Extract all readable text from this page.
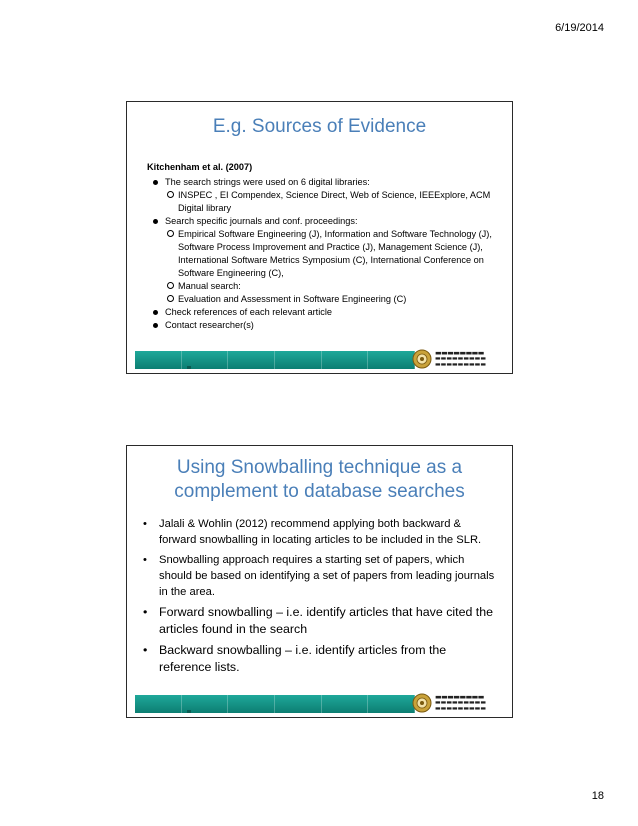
6/19/2014
E.g. Sources of Evidence
Kitchenham et al. (2007)
The search strings were used on 6 digital libraries:
INSPEC , EI Compendex, Science Direct, Web of Science, IEEExplore, ACM Digital library
Search specific journals and conf. proceedings:
Empirical Software Engineering (J), Information and Software Technology (J), Software Process Improvement and Practice (J), Management Science (J), International Software Metrics Symposium (C), International Conference on Software Engineering (C),
Manual search:
Evaluation and Assessment in Software Engineering (C)
Check references of each relevant article
Contact researcher(s)
▬▬▬▬▬▬▬▬
▬▬▬▬▬▬▬▬▬
▬▬▬▬▬▬▬▬▬
Using Snowballing technique as a
complement to database searches
• Jalali & Wohlin (2012) recommend applying both backward & forward snowballing in locating articles to be included in the SLR.
• Snowballing approach requires a starting set of papers, which should be based on identifying a set of papers from leading journals in the area.
• Forward snowballing – i.e. identify articles that have cited the articles found in the search
• Backward snowballing – i.e. identify articles from the reference lists.
▬▬▬▬▬▬▬▬
▬▬▬▬▬▬▬▬▬
▬▬▬▬▬▬▬▬▬
18
